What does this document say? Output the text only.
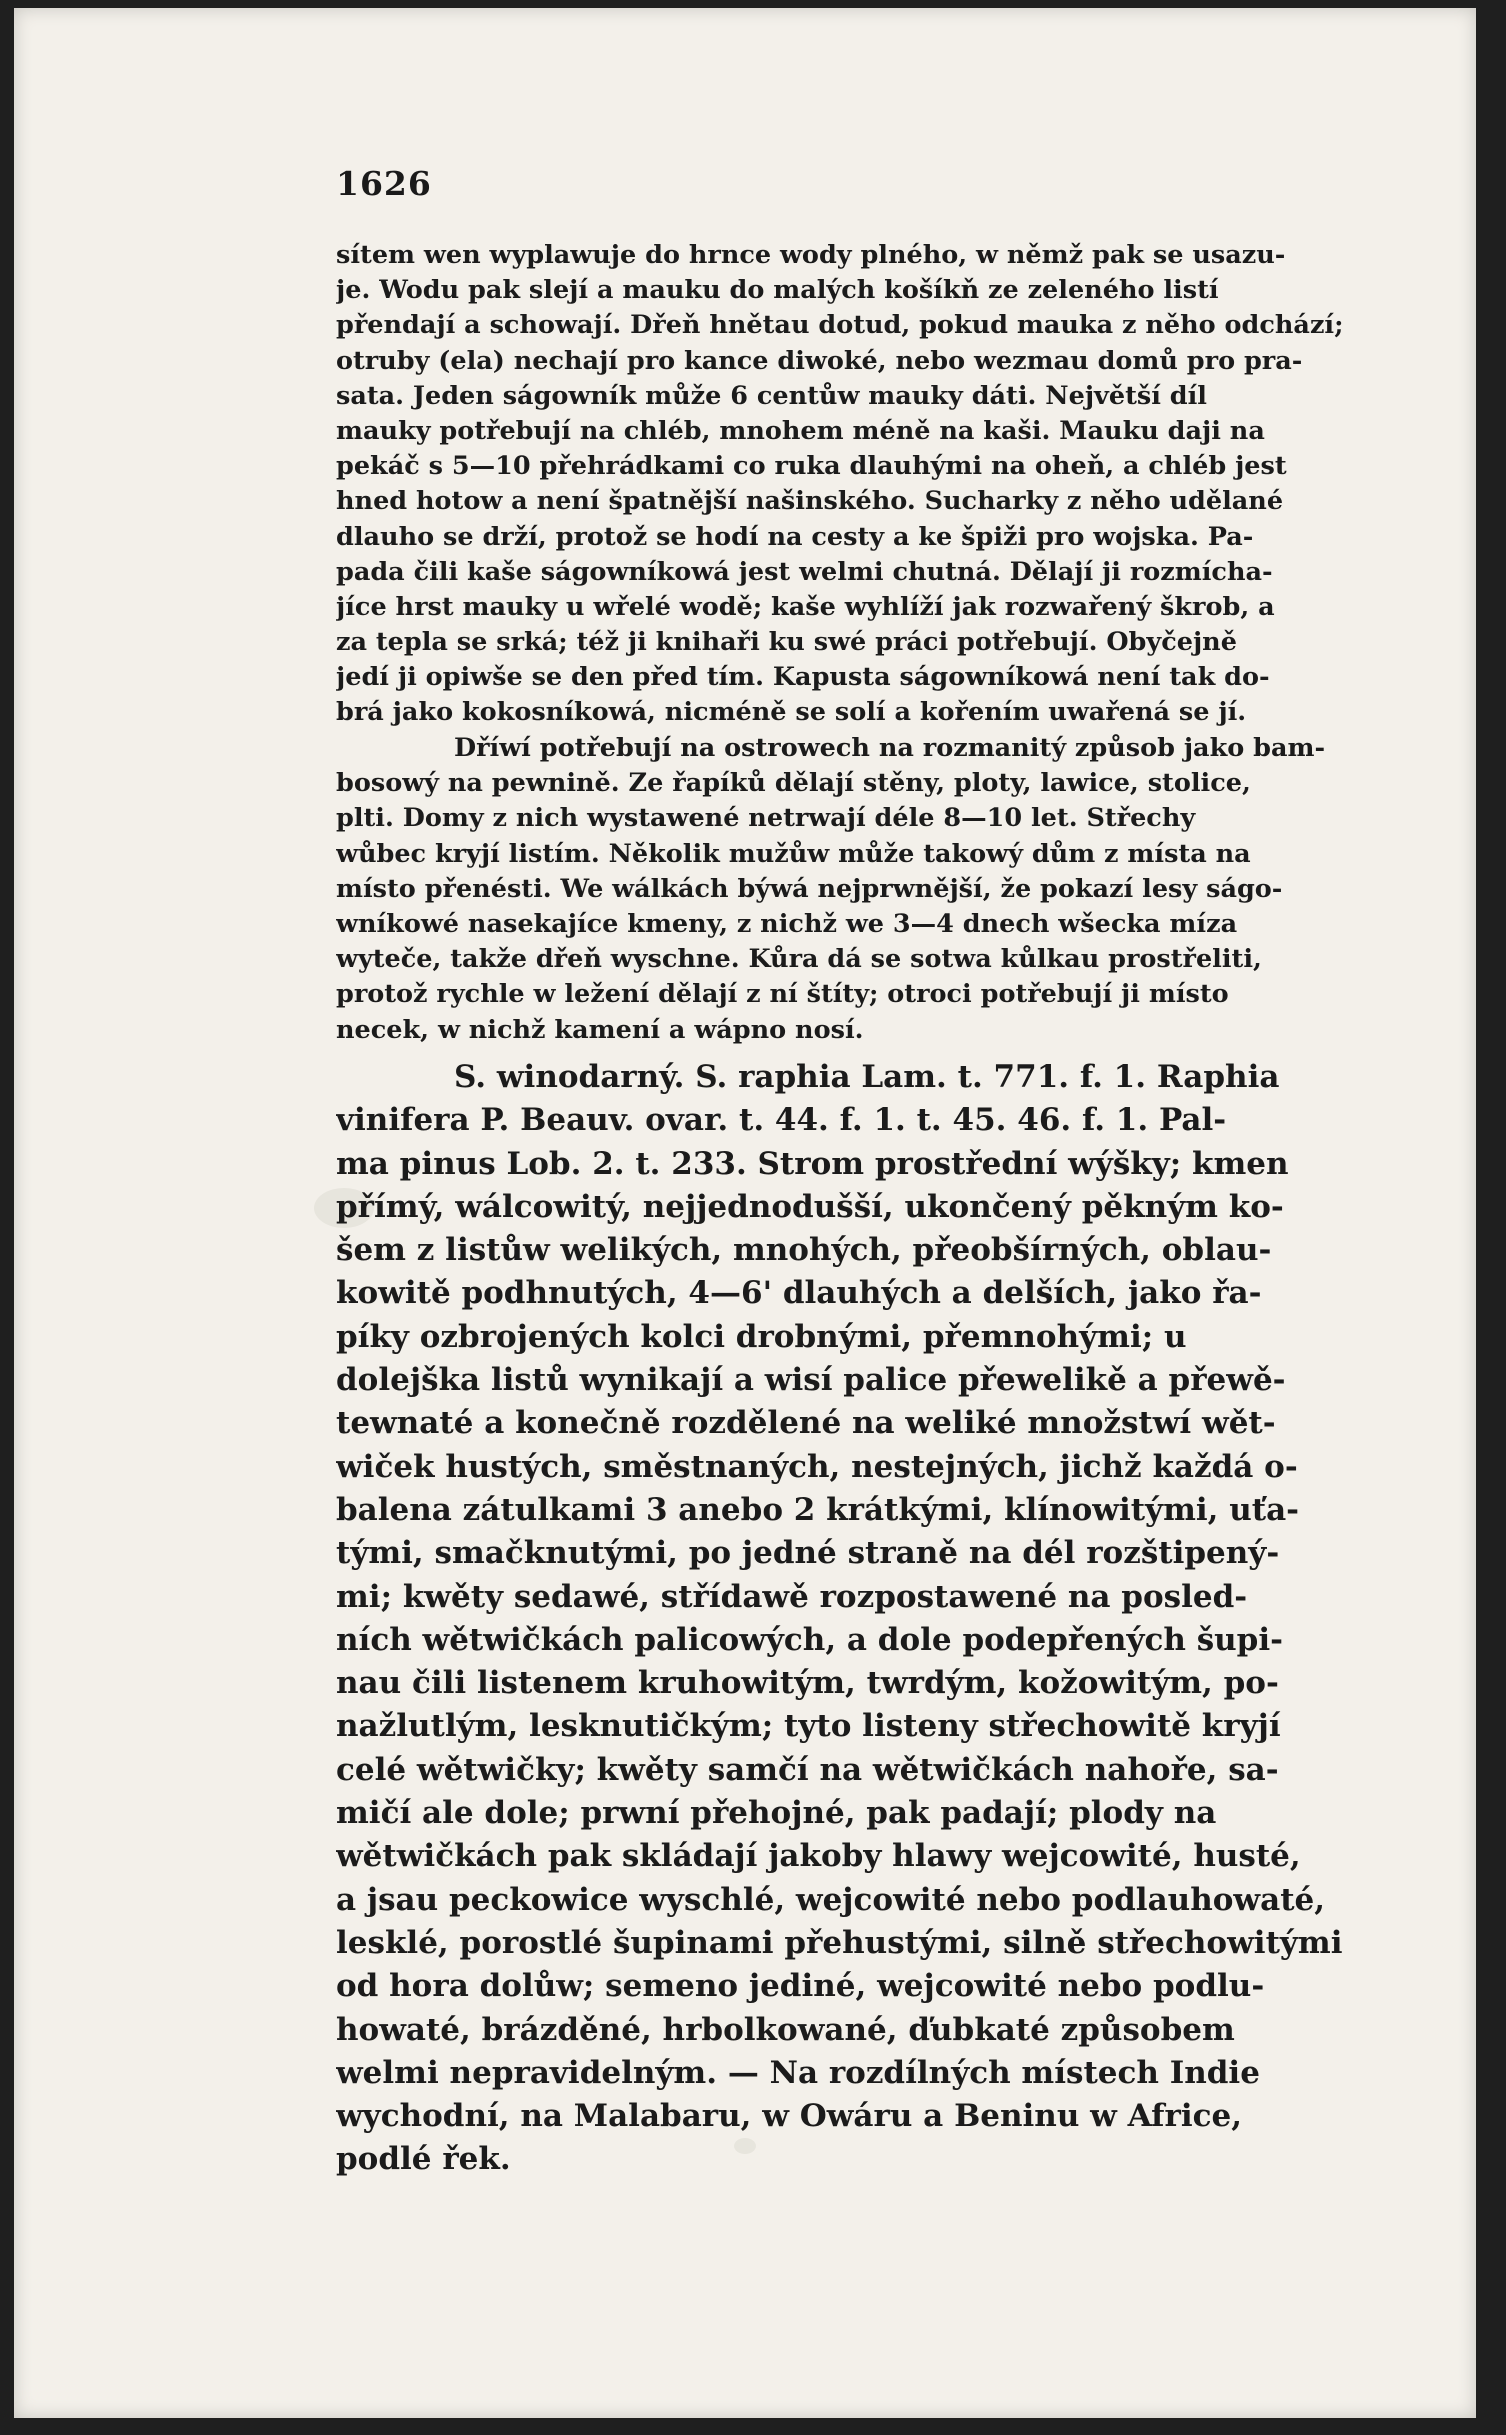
1626
sítem wen wyplawuje do hrnce wody plného, w němž pak se usazu-
je. Wodu pak slejí a mauku do malých košíkň ze zeleného listí
přendají a schowají. Dřeň hnětau dotud, pokud mauka z něho odchází;
otruby (ela) nechají pro kance diwoké, nebo wezmau domů pro pra-
sata. Jeden ságowník může 6 centůw mauky dáti. Největší díl
mauky potřebují na chléb, mnohem méně na kaši. Mauku daji na
pekáč s 5—10 přehrádkami co ruka dlauhými na oheň, a chléb jest
hned hotow a není špatnější našinského. Sucharky z něho udělané
dlauho se drží, protož se hodí na cesty a ke špiži pro wojska. Pa-
pada čili kaše ságowníkowá jest welmi chutná. Dělají ji rozmícha-
jíce hrst mauky u wřelé wodě; kaše wyhlíží jak rozwařený škrob, a
za tepla se srká; též ji knihaři ku swé práci potřebují. Obyčejně
jedí ji opiwše se den před tím. Kapusta ságowníkowá není tak do-
brá jako kokosníkowá, nicméně se solí a kořením uwařená se jí.
Dříwí potřebují na ostrowech na rozmanitý způsob jako bam-
bosowý na pewnině. Ze řapíků dělají stěny, ploty, lawice, stolice,
plti. Domy z nich wystawené netrwají déle 8—10 let. Střechy
wůbec kryjí listím. Několik mužůw může takowý dům z místa na
místo přenésti. We wálkách býwá nejprwnější, že pokazí lesy ságo-
wníkowé nasekajíce kmeny, z nichž we 3—4 dnech wšecka míza
wyteče, takže dřeň wyschne. Kůra dá se sotwa kůlkau prostřeliti,
protož rychle w ležení dělají z ní štíty; otroci potřebují ji místo
necek, w nichž kamení a wápno nosí.
S. winodarný. S. raphia Lam. t. 771. f. 1. Raphia
vinifera P. Beauv. ovar. t. 44. f. 1. t. 45. 46. f. 1. Pal-
ma pinus Lob. 2. t. 233. Strom prostřední wýšky; kmen
přímý, wálcowitý, nejjednodušší, ukončený pěkným ko-
šem z listůw welikých, mnohých, přeobšírných, oblau-
kowitě podhnutých, 4—6' dlauhých a delších, jako řa-
píky ozbrojených kolci drobnými, přemnohými; u
dolejška listů wynikají a wisí palice přewelikě a přewě-
tewnaté a konečně rozdělené na weliké množstwí wět-
wiček hustých, směstnaných, nestejných, jichž každá o-
balena zátulkami 3 anebo 2 krátkými, klínowitými, uťa-
tými, smačknutými, po jedné straně na dél rozštipený-
mi; kwěty sedawé, střídawě rozpostawené na posled-
ních wětwičkách palicowých, a dole podepřených šupi-
nau čili listenem kruhowitým, twrdým, kožowitým, po-
nažlutlým, lesknutičkým; tyto listeny střechowitě kryjí
celé wětwičky; kwěty samčí na wětwičkách nahoře, sa-
mičí ale dole; prwní přehojné, pak padají; plody na
wětwičkách pak skládají jakoby hlawy wejcowité, husté,
a jsau peckowice wyschlé, wejcowité nebo podlauhowaté,
lesklé, porostlé šupinami přehustými, silně střechowitými
od hora dolůw; semeno jediné, wejcowité nebo podlu-
howaté, brázděné, hrbolkowané, ďubkaté způsobem
welmi nepravidelným. — Na rozdílných místech Indie
wychodní, na Malabaru, w Owáru a Beninu w Africe,
podlé řek.
